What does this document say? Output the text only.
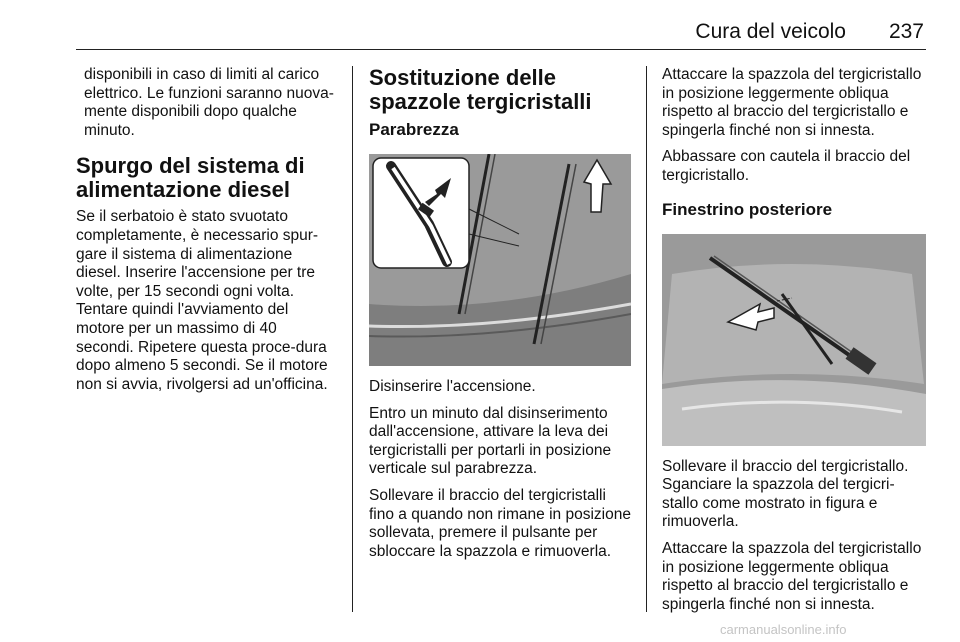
Cura del veicolo 237

disponibili in caso di limiti al carico elettrico. Le funzioni saranno nuova-mente disponibili dopo qualche minuto.

Spurgo del sistema di alimentazione diesel

Se il serbatoio è stato svuotato completamente, è necessario spur-gare il sistema di alimentazione diesel. Inserire l'accensione per tre volte, per 15 secondi ogni volta. Tentare quindi l'avviamento del motore per un massimo di 40 secondi. Ripetere questa proce-dura dopo almeno 5 secondi. Se il motore non si avvia, rivolgersi ad un'officina.

Sostituzione delle spazzole tergicristalli
Parabrezza

Disinserire l'accensione.

Entro un minuto dal disinserimento dall'accensione, attivare la leva dei tergicristalli per portarli in posizione verticale sul parabrezza.

Sollevare il braccio del tergicristalli fino a quando non rimane in posizione sollevata, premere il pulsante per sbloccare la spazzola e rimuoverla.

Attaccare la spazzola del tergicristallo in posizione leggermente obliqua rispetto al braccio del tergicristallo e spingerla finché non si innesta.

Abbassare con cautela il braccio del tergicristallo.

Finestrino posteriore

Sollevare il braccio del tergicristallo. Sganciare la spazzola del tergicri-stallo come mostrato in figura e rimuoverla.

Attaccare la spazzola del tergicristallo in posizione leggermente obliqua rispetto al braccio del tergicristallo e spingerla finché non si innesta.

carmanualsonline.info
